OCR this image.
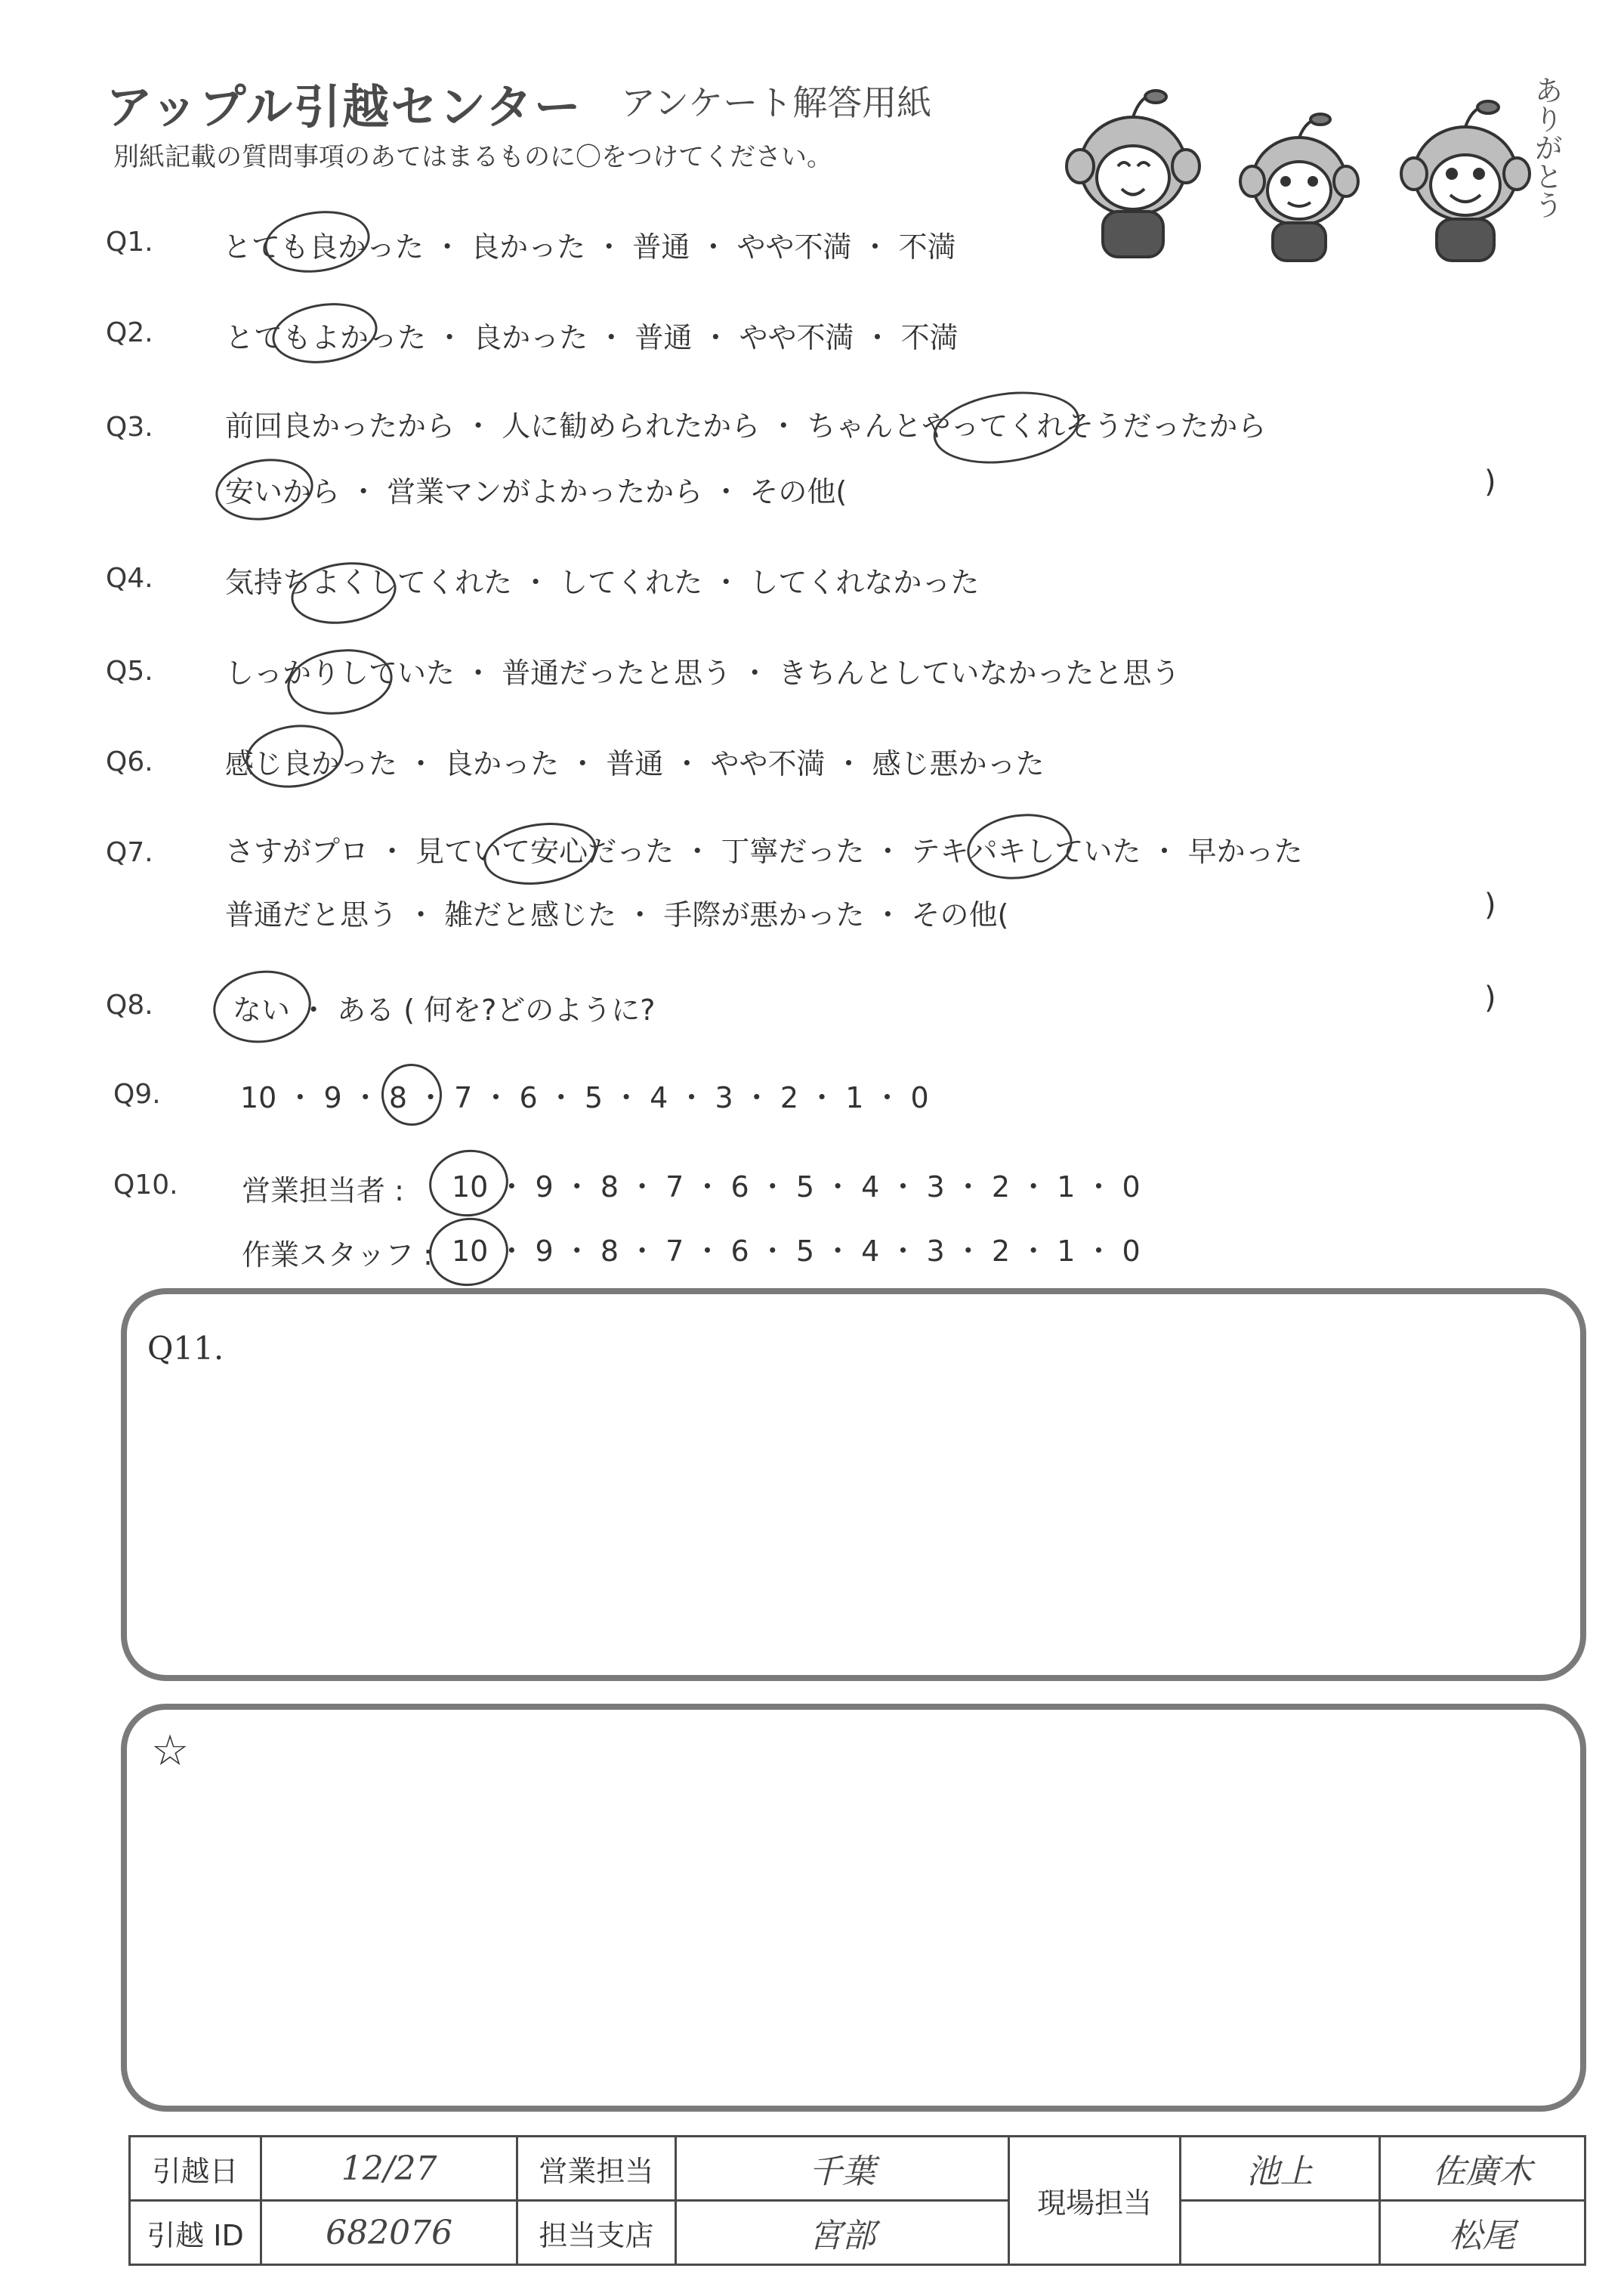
アップル引越センター アンケート解答用紙
別紙記載の質問事項のあてはまるものに〇をつけてください。	ありがとう
Q1. とても良かった ・ 良かった ・ 普通 ・ やや不満 ・ 不満
Q2.	とてもよかった ・ 良かった ・ 普通 ・ やや不満 ・ 不満
Q3.	前回良かったから ・ 人に勧められたから ・ ちゃんとやってくれそうだったから
安いから ・ 営業マンがよかったから ・ その他(	)
Q4.	気持ちよくしてくれた ・ してくれた ・ してくれなかった
Q5.	しっかりしていた ・ 普通だったと思う ・ きちんとしていなかったと思う
Q6.	感じ良かった ・ 良かった ・ 普通 ・ やや不満 ・ 感じ悪かった
Q7.	さすがプロ ・ 見ていて安心だった ・ 丁寧だった ・ テキパキしていた ・ 早かった
普通だと思う ・ 雑だと感じた ・ 手際が悪かった ・ その他(	)
Q8.	ない ・ ある ( 何を?どのように?	)
Q9.	10 ・ 9 ・ 8 ・ 7 ・ 6 ・ 5 ・ 4 ・ 3 ・ 2 ・ 1 ・ 0
Q10. 営業担当者 : 10 ・ 9 ・ 8 ・ 7 ・ 6 ・ 5 ・ 4 ・ 3 ・ 2 ・ 1 ・ 0
作業スタッフ : 10 ・ 9 ・ 8 ・ 7 ・ 6 ・ 5 ・ 4 ・ 3 ・ 2 ・ 1 ・ 0
Q11.
☆
引越日	12/27	営業担当	千葉	現場担当	池上	佐廣木
引越 ID	682076	担当支店	宮部			松尾
